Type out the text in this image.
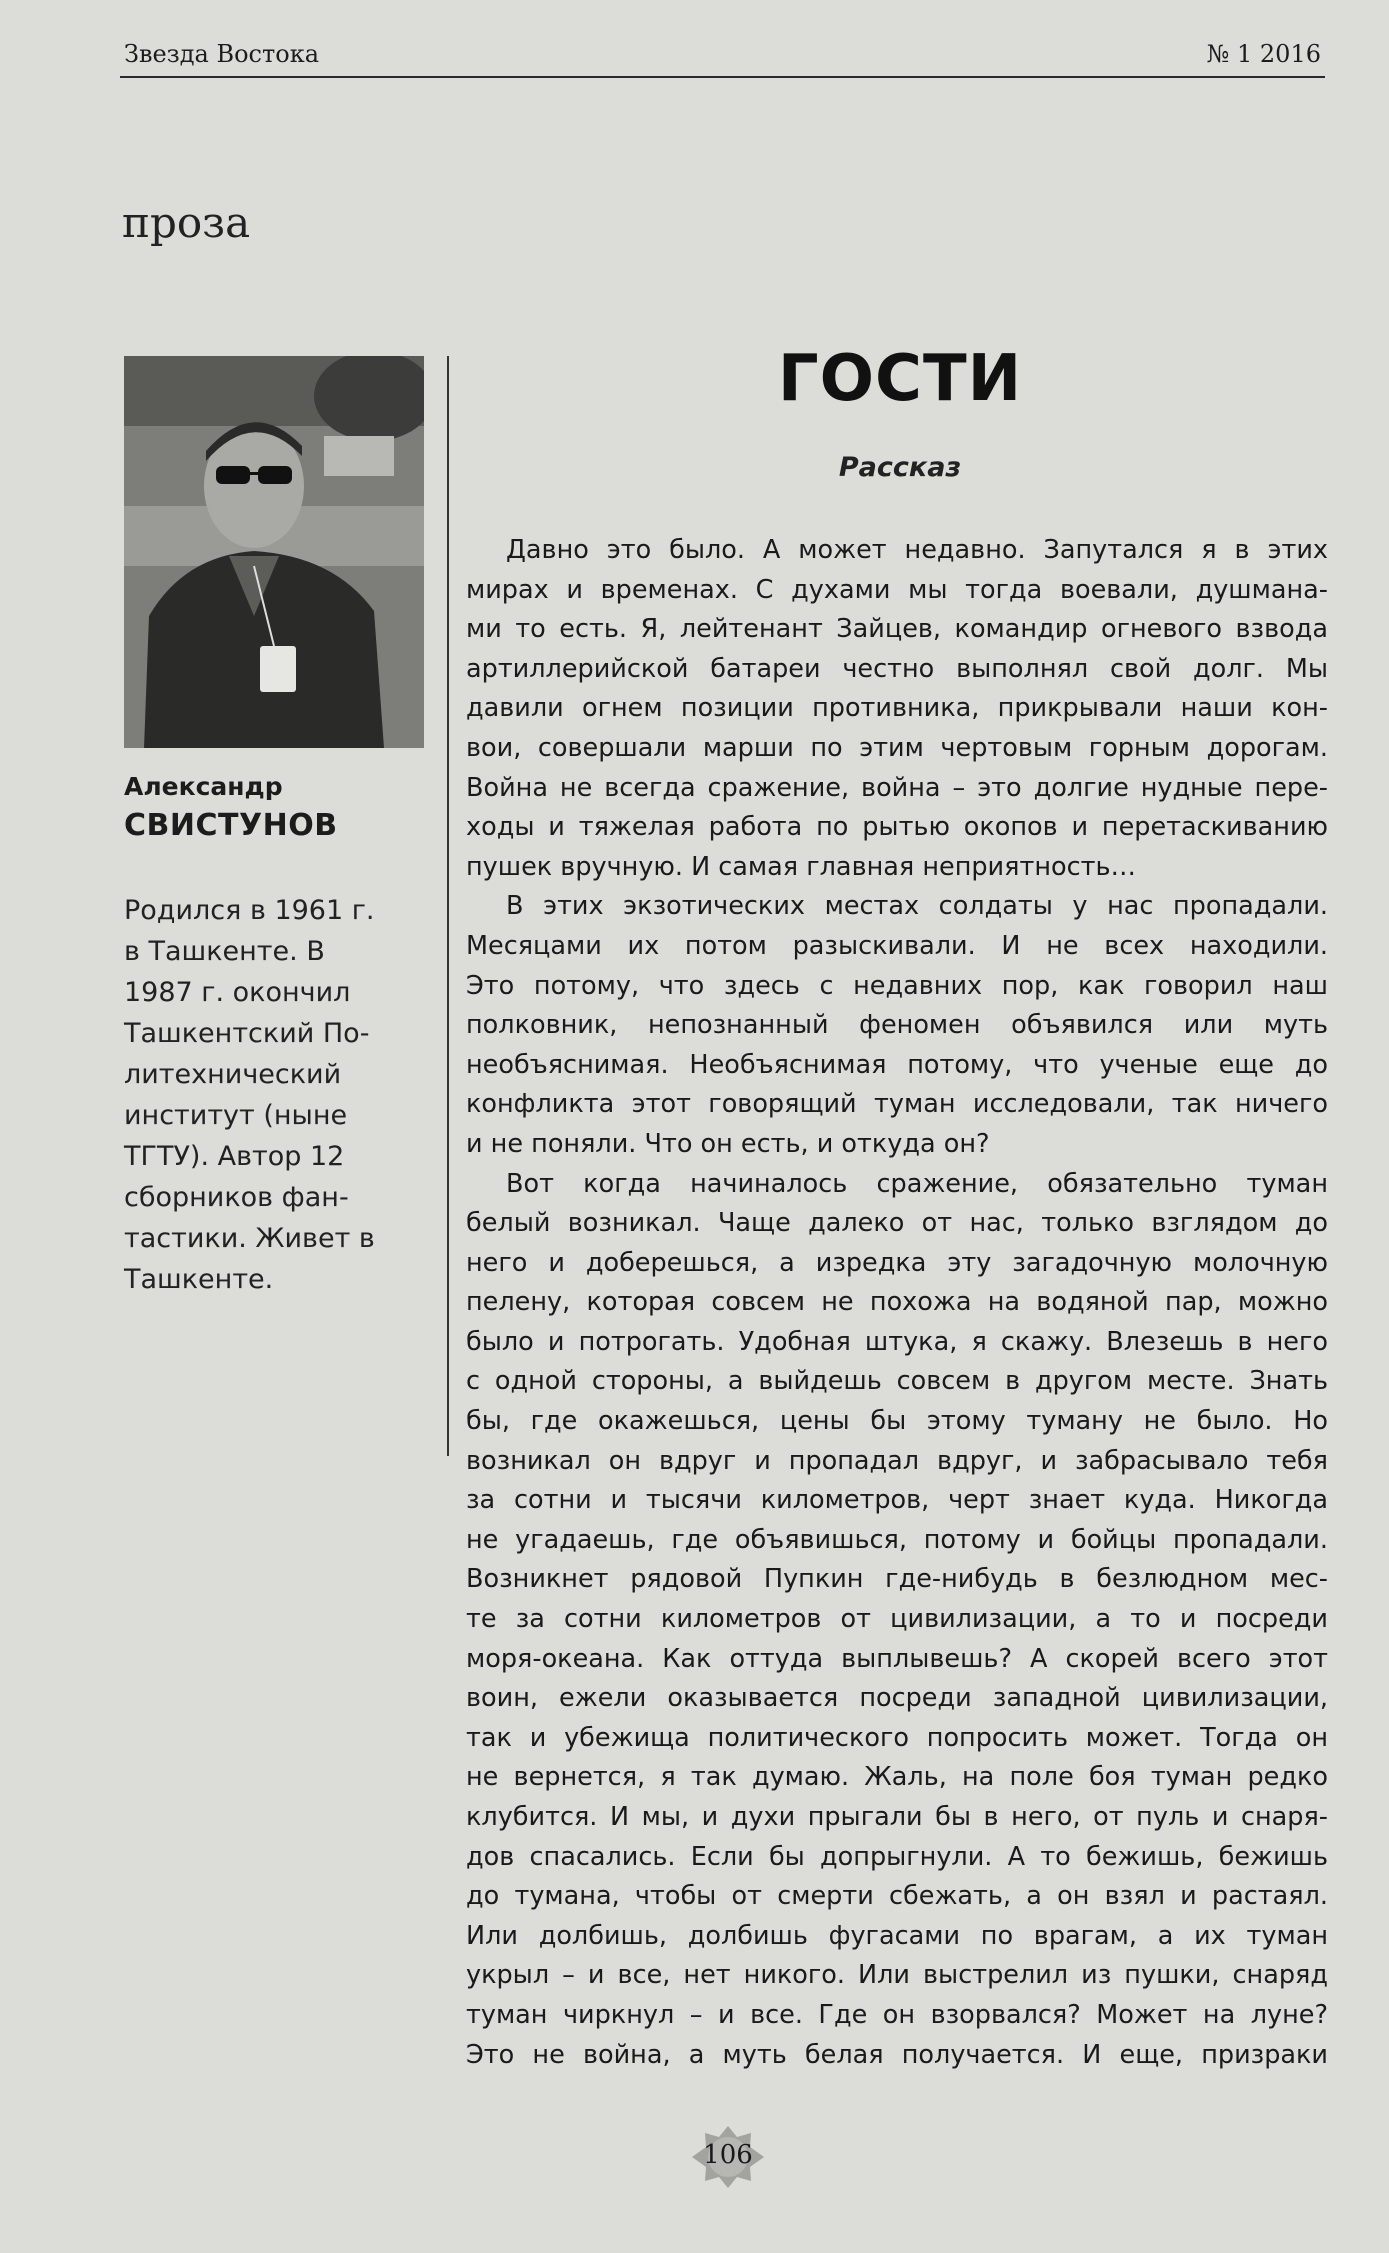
Звезда Востока	№ 1 2016
проза
Александр
СВИСТУНОВ
Родился в 1961 г.
в Ташкенте. В
1987 г. окончил
Ташкентский По-
литехнический
институт (ныне
ТГТУ). Автор 12
сборников фан-
тастики. Живет в
Ташкенте.
ГОСТИ
Рассказ
Давно это было. А может недавно. Запутался я в этих
мирах и временах. С духами мы тогда воевали, душмана-
ми то есть. Я, лейтенант Зайцев, командир огневого взвода
артиллерийской батареи честно выполнял свой долг. Мы
давили огнем позиции противника, прикрывали наши кон-
вои, совершали марши по этим чертовым горным дорогам.
Война не всегда сражение, война – это долгие нудные пере-
ходы и тяжелая работа по рытью окопов и перетаскиванию
пушек вручную. И самая главная неприятность…
В этих экзотических местах солдаты у нас пропадали.
Месяцами их потом разыскивали. И не всех находили.
Это потому, что здесь с недавних пор, как говорил наш
полковник, непознанный феномен объявился или муть
необъяснимая. Необъяснимая потому, что ученые еще до
конфликта этот говорящий туман исследовали, так ничего
и не поняли. Что он есть, и откуда он?
Вот когда начиналось сражение, обязательно туман
белый возникал. Чаще далеко от нас, только взглядом до
него и доберешься, а изредка эту загадочную молочную
пелену, которая совсем не похожа на водяной пар, можно
было и потрогать. Удобная штука, я скажу. Влезешь в него
с одной стороны, а выйдешь совсем в другом месте. Знать
бы, где окажешься, цены бы этому туману не было. Но
возникал он вдруг и пропадал вдруг, и забрасывало тебя
за сотни и тысячи километров, черт знает куда. Никогда
не угадаешь, где объявишься, потому и бойцы пропадали.
Возникнет рядовой Пупкин где-нибудь в безлюдном мес-
те за сотни километров от цивилизации, а то и посреди
моря-океана. Как оттуда выплывешь? А скорей всего этот
воин, ежели оказывается посреди западной цивилизации,
так и убежища политического попросить может. Тогда он
не вернется, я так думаю. Жаль, на поле боя туман редко
клубится. И мы, и духи прыгали бы в него, от пуль и снаря-
дов спасались. Если бы допрыгнули. А то бежишь, бежишь
до тумана, чтобы от смерти сбежать, а он взял и растаял.
Или долбишь, долбишь фугасами по врагам, а их туман
укрыл – и все, нет никого. Или выстрелил из пушки, снаряд
туман чиркнул – и все. Где он взорвался? Может на луне?
Это не война, а муть белая получается. И еще, призраки
106
